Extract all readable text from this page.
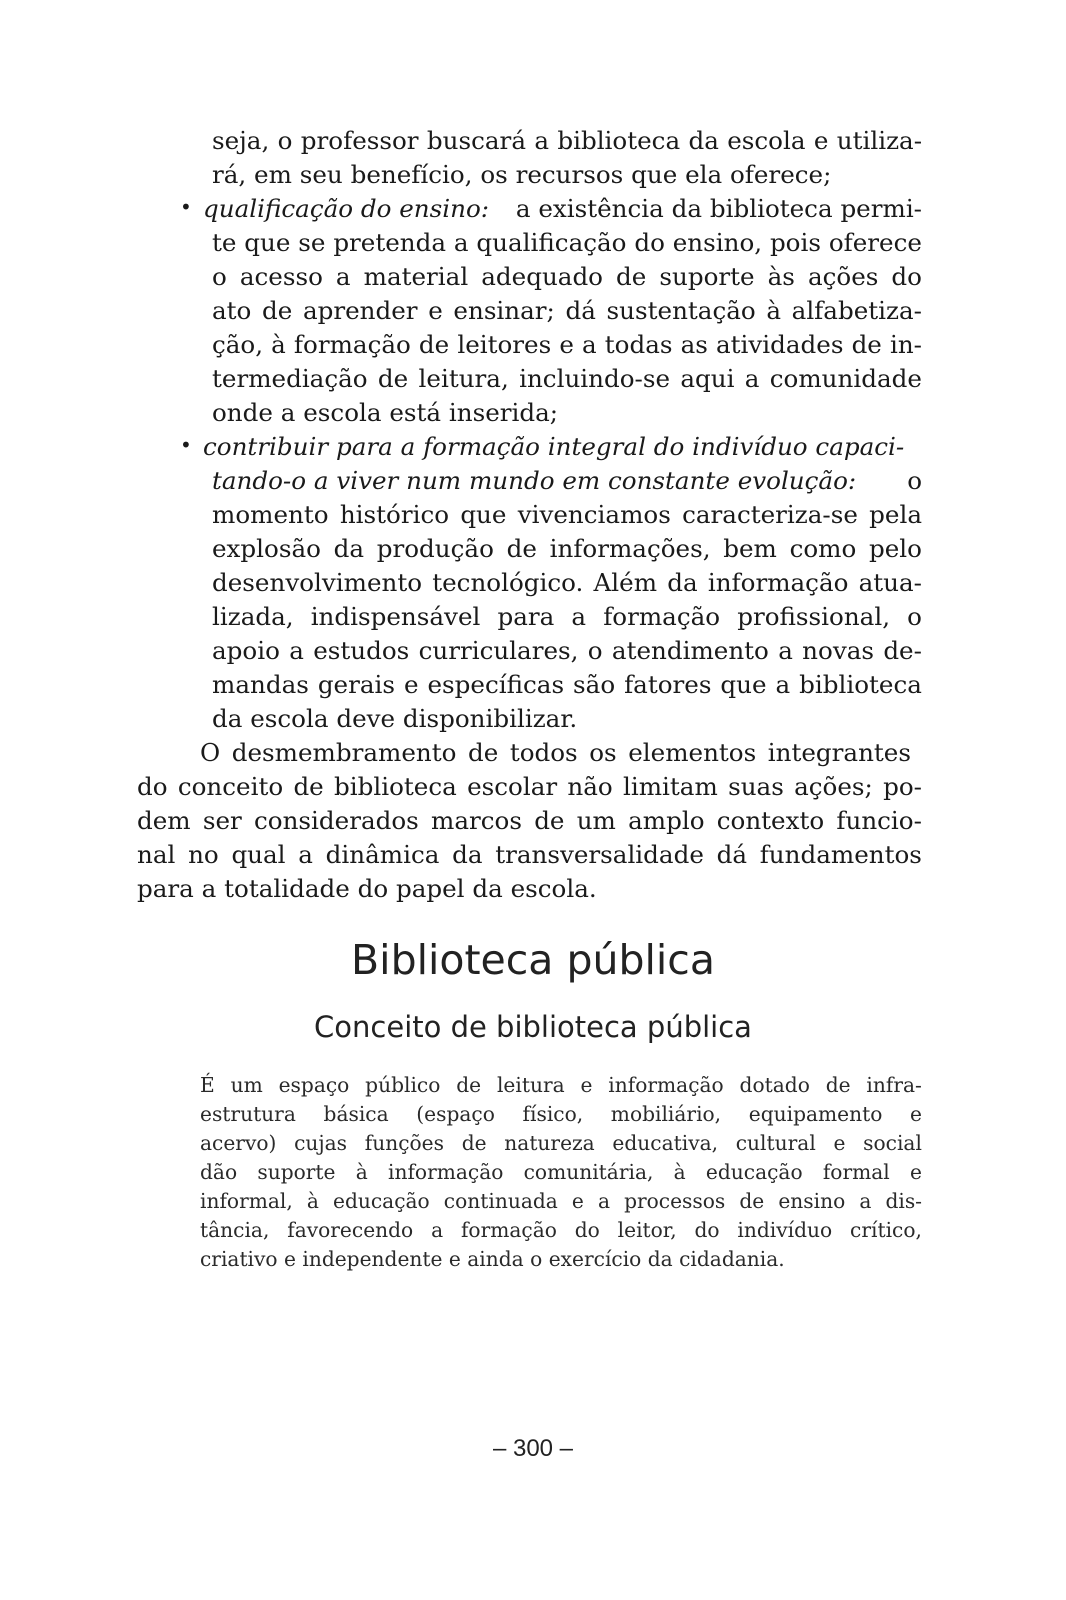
seja, o professor buscará a biblioteca da escola e utiliza-
rá, em seu benefício, os recursos que ela oferece;
• qualificação do ensino: a existência da biblioteca permi-
te que se pretenda a qualificação do ensino, pois oferece
o acesso a material adequado de suporte às ações do
ato de aprender e ensinar; dá sustentação à alfabetiza-
ção, à formação de leitores e a todas as atividades de in-
termediação de leitura, incluindo-se aqui a comunidade
onde a escola está inserida;
• contribuir para a formação integral do indivíduo capaci-
tando-o a viver num mundo em constante evolução: o
momento histórico que vivenciamos caracteriza-se pela
explosão da produção de informações, bem como pelo
desenvolvimento tecnológico. Além da informação atua-
lizada, indispensável para a formação profissional, o
apoio a estudos curriculares, o atendimento a novas de-
mandas gerais e específicas são fatores que a biblioteca
da escola deve disponibilizar.
O desmembramento de todos os elementos integrantes
do conceito de biblioteca escolar não limitam suas ações; po-
dem ser considerados marcos de um amplo contexto funcio-
nal no qual a dinâmica da transversalidade dá fundamentos
para a totalidade do papel da escola.
Biblioteca pública
Conceito de biblioteca pública
É um espaço público de leitura e informação dotado de infra-
estrutura básica (espaço físico, mobiliário, equipamento e
acervo) cujas funções de natureza educativa, cultural e social
dão suporte à informação comunitária, à educação formal e
informal, à educação continuada e a processos de ensino a dis-
tância, favorecendo a formação do leitor, do indivíduo crítico,
criativo e independente e ainda o exercício da cidadania.
– 300 –
